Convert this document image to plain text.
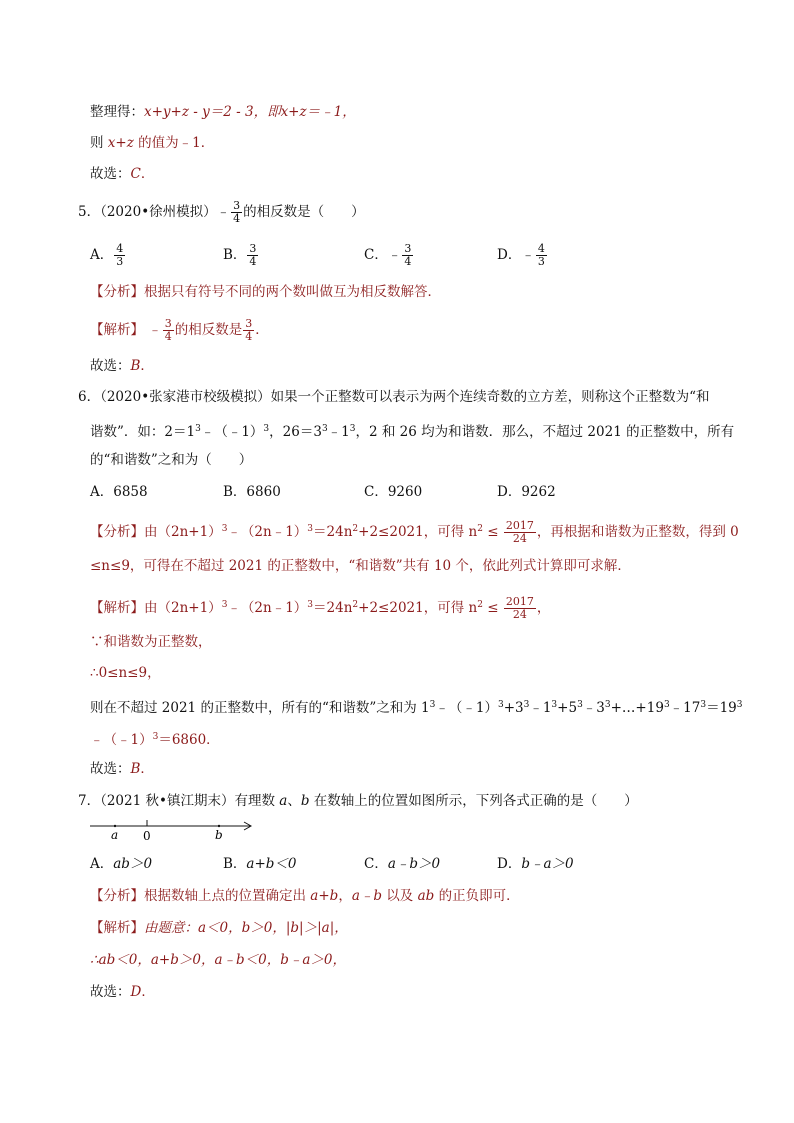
整理得：x+y+z - y＝2 - 3，即x+z＝﹣1，
则 x+z 的值为﹣1．
故选：C．
5．（2020•徐州模拟）﹣ $\frac{3}{4}$ 的相反数是（　　）
A． $\frac{4}{3}$	B． $\frac{3}{4}$	C．﹣ $\frac{3}{4}$	D．﹣ $\frac{4}{3}$
【分析】根据只有符号不同的两个数叫做互为相反数解答．
【解析】 ﹣ $\frac{3}{4}$ 的相反数是 $\frac{3}{4}$ ．
故选：B．
6．（2020•张家港市校级模拟）如果一个正整数可以表示为两个连续奇数的立方差，则称这个正整数为“和
谐数”．如：$2=1^3﹣(﹣1)^3$，$26=3^3﹣1^3$，2 和 26 均为和谐数．那么，不超过 2021 的正整数中，所有
的“和谐数”之和为（　　）
A．6858	B．6860	C．9260	D．9262
【分析】由$(2n+1)^3﹣(2n﹣1)^3=24n^2+2\le 2021$，可得 $n^2 \le \frac{2017}{24}$ ，再根据和谐数为正整数，得到 0
≤n≤9，可得在不超过 2021 的正整数中，“和谐数”共有 10 个，依此列式计算即可求解．
【解析】由$(2n+1)^3﹣(2n﹣1)^3=24n^2+2\le 2021$，可得 $n^2 \le \frac{2017}{24}$ ，
∵和谐数为正整数，
∴0≤n≤9，
则在不超过 2021 的正整数中，所有的“和谐数”之和为 $1^3﹣(﹣1)^3+3^3﹣1^3+5^3﹣3^3+\dots+19^3﹣17^3=19^3$
﹣（﹣1）$^3$＝6860．
故选：B．
7．（2021 秋•镇江期末）有理数 a、b 在数轴上的位置如图所示，下列各式正确的是（　　）
a 0	b
A．ab＞0	B．a+b＜0	C．a﹣b＞0	D．b﹣a＞0
【分析】根据数轴上点的位置确定出 a+b，a﹣b 以及 ab 的正负即可．
【解析】由题意：a＜0，b＞0，|b|＞|a|，
∴ab＜0，a+b＞0，a﹣b＜0，b﹣a＞0，
故选：D．
